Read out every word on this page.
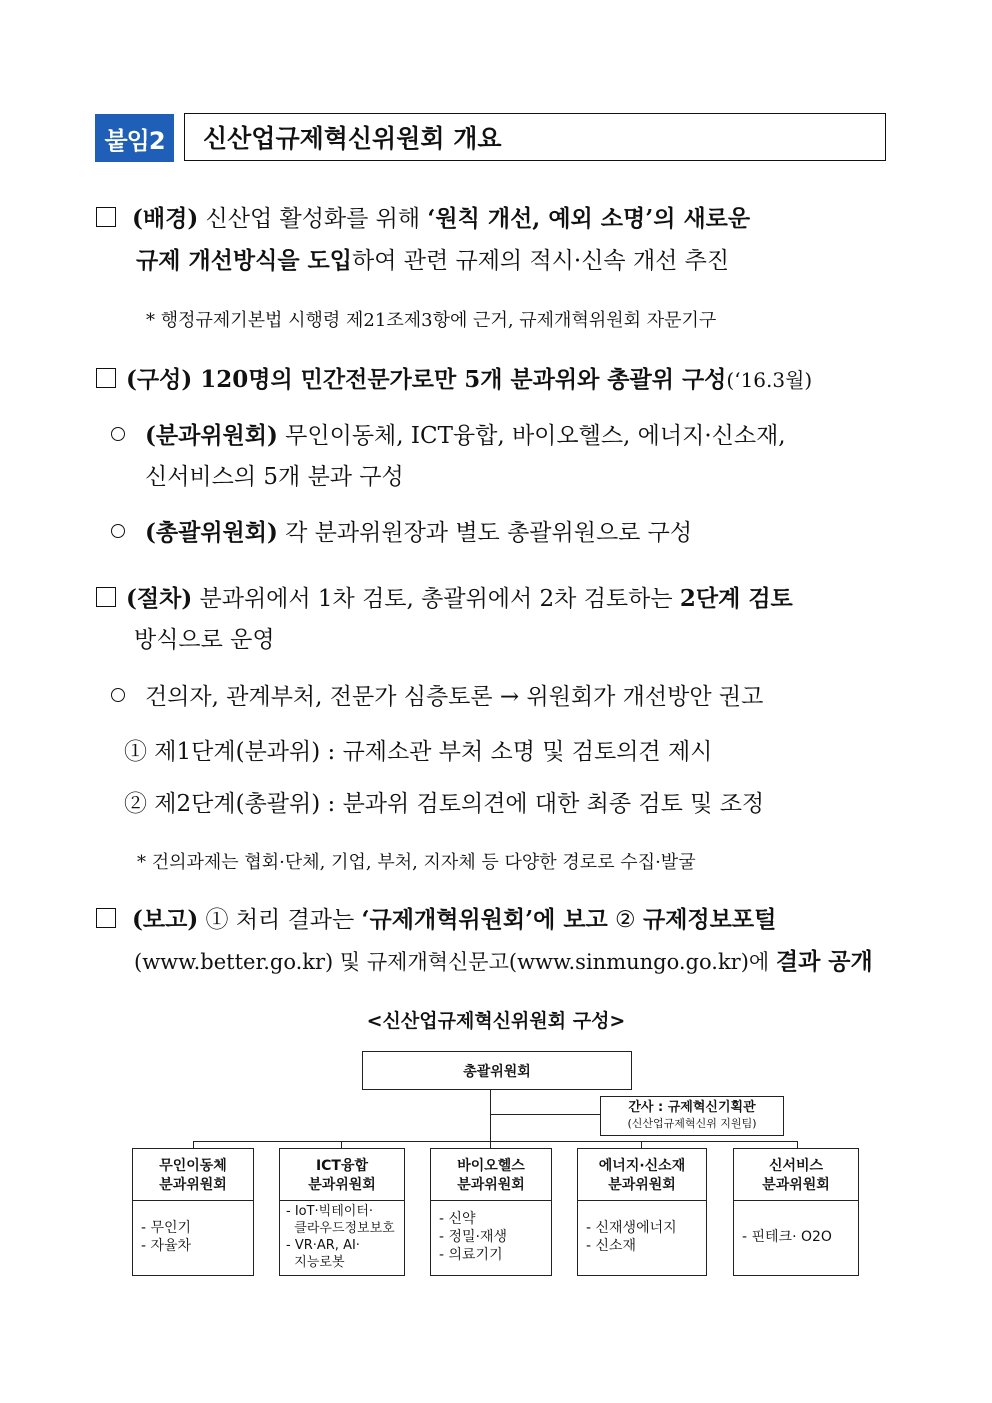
붙임2	신산업규제혁신위원회 개요
(배경) 신산업 활성화를 위해 ‘원칙 개선, 예외 소명’의 새로운
규제 개선방식을 도입하여 관련 규제의 적시·신속 개선 추진
* 행정규제기본법 시행령 제21조제3항에 근거, 규제개혁위원회 자문기구
(구성) 120명의 민간전문가로만 5개 분과위와 총괄위 구성(‘16.3월)
(분과위원회) 무인이동체, ICT융합, 바이오헬스, 에너지·신소재,
신서비스의 5개 분과 구성
(총괄위원회) 각 분과위원장과 별도 총괄위원으로 구성
(절차) 분과위에서 1차 검토, 총괄위에서 2차 검토하는 2단계 검토
방식으로 운영
건의자, 관계부처, 전문가 심층토론 → 위원회가 개선방안 권고
① 제1단계(분과위) : 규제소관 부처 소명 및 검토의견 제시
② 제2단계(총괄위) : 분과위 검토의견에 대한 최종 검토 및 조정
* 건의과제는 협회·단체, 기업, 부처, 지자체 등 다양한 경로로 수집·발굴
(보고) ① 처리 결과는 ‘규제개혁위원회’에 보고 ② 규제정보포털
(www.better.go.kr) 및 규제개혁신문고(www.sinmungo.go.kr)에 결과 공개
<신산업규제혁신위원회 구성>
총괄위원회
간사 : 규제혁신기획관
(신산업규제혁신위 지원팀)
무인이동체
분과위원회
- 무인기
- 자율차
ICT융합
분과위원회
- IoT·빅테이터·
클라우드정보보호
- VR·AR, AI·
지능로봇
바이오헬스
분과위원회
- 신약
- 정밀·재생
- 의료기기
에너지·신소재
분과위원회
- 신재생에너지
- 신소재
신서비스
분과위원회
- 핀테크· O2O
